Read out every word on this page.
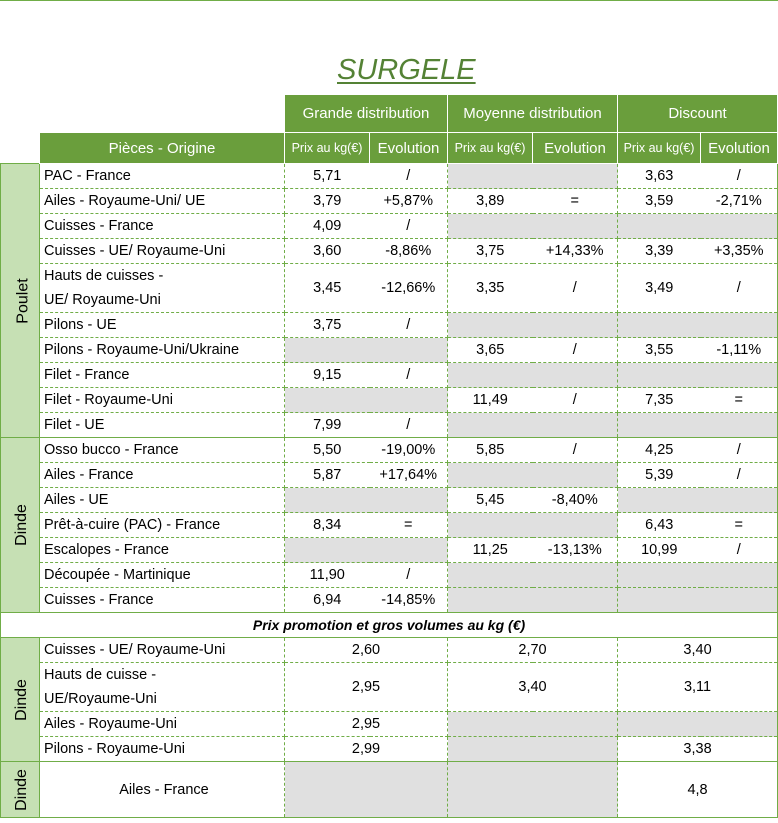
SURGELE
		Grande distribution		Moyenne distribution		Discount	
	Pièces - Origine	Prix au kg(€)	Evolution	Prix au kg(€)	Evolution	Prix au kg(€)	Evolution
Poulet	PAC - France	5,71	/			3,63	/
	Ailes - Royaume-Uni/ UE	3,79	+5,87%	3,89	=	3,59	-2,71%
	Cuisses - France	4,09	/				
	Cuisses - UE/ Royaume-Uni	3,60	-8,86%	3,75	+14,33%	3,39	+3,35%
	Hauts de cuisses -
UE/ Royaume-Uni	3,45	-12,66%	3,35	/	3,49	/
	Pilons - UE	3,75	/				
	Pilons - Royaume-Uni/Ukraine			3,65	/	3,55	-1,11%
	Filet - France	9,15	/				
	Filet - Royaume-Uni			11,49	/	7,35	=
	Filet - UE	7,99	/				
Dinde	Osso bucco - France	5,50	-19,00%	5,85	/	4,25	/
	Ailes - France	5,87	+17,64%			5,39	/
	Ailes - UE			5,45	-8,40%		
	Prêt-à-cuire (PAC) - France	8,34	=			6,43	=
	Escalopes - France			11,25	-13,13%	10,99	/
	Découpée - Martinique	11,90	/				
	Cuisses - France	6,94	-14,85%				
Prix promotion et gros volumes au kg (€)							
Dinde	Cuisses - UE/ Royaume-Uni	2,60		2,70		3,40	
	Hauts de cuisse -
UE/Royaume-Uni	2,95		3,40		3,11	
	Ailes - Royaume-Uni	2,95					
	Pilons - Royaume-Uni	2,99				3,38	
Dinde	Ailes - France					4,8	
